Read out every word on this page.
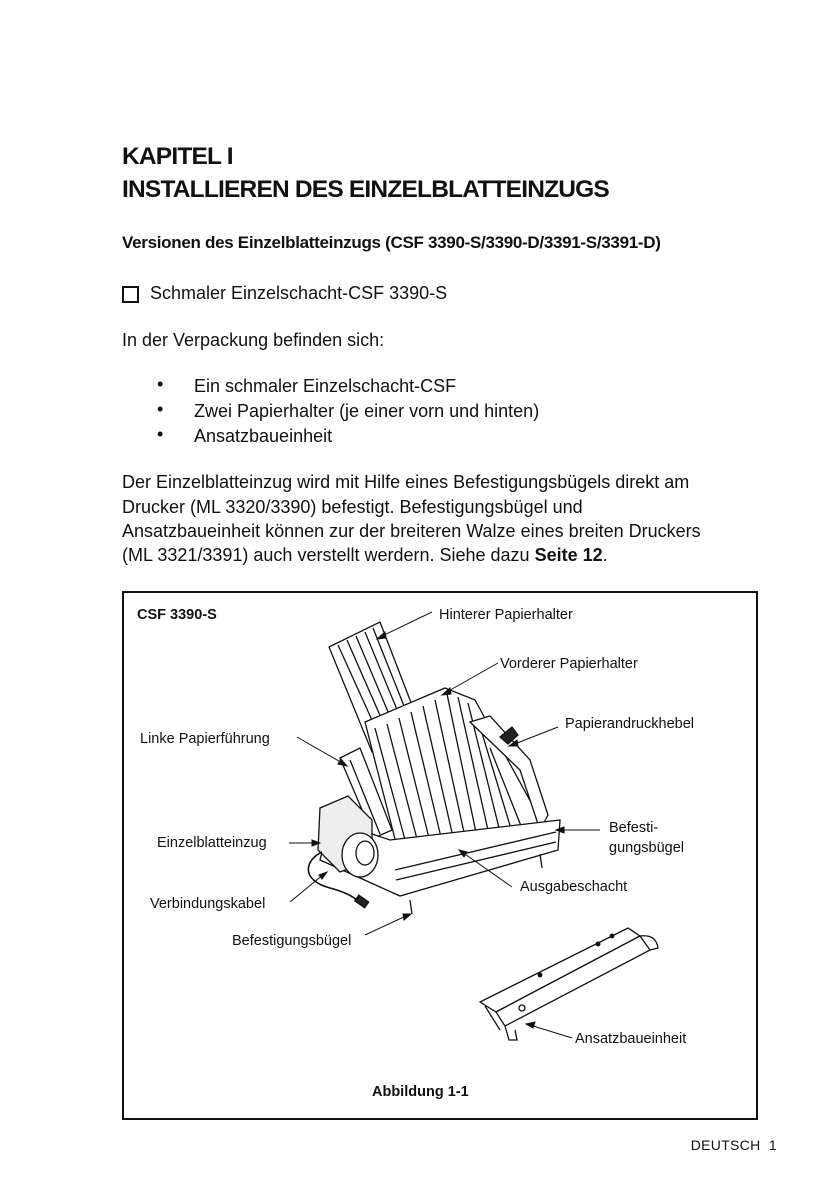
KAPITEL I
INSTALLIEREN DES EINZELBLATTEINZUGS
Versionen des Einzelblatteinzugs (CSF 3390-S/3390-D/3391-S/3391-D)
Schmaler Einzelschacht-CSF 3390-S
In der Verpackung befinden sich:
• Ein schmaler Einzelschacht-CSF
• Zwei Papierhalter (je einer vorn und hinten)
• Ansatzbaueinheit
Der Einzelblatteinzug wird mit Hilfe eines Befestigungsbügels direkt am
Drucker (ML 3320/3390) befestigt. Befestigungsbügel und
Ansatzbaueinheit können zur der breiteren Walze eines breiten Druckers
(ML 3321/3391) auch verstellt werdern. Siehe dazu Seite 12.
CSF 3390-S	Hinterer Papierhalter
Vorderer Papierhalter
Papierandruckhebel
Linke Papierführung
Befesti-
gungsbügel
Einzelblatteinzug
Ausgabeschacht
Verbindungskabel
Befestigungsbügel
Ansatzbaueinheit
Abbildung 1-1
DEUTSCH 1
